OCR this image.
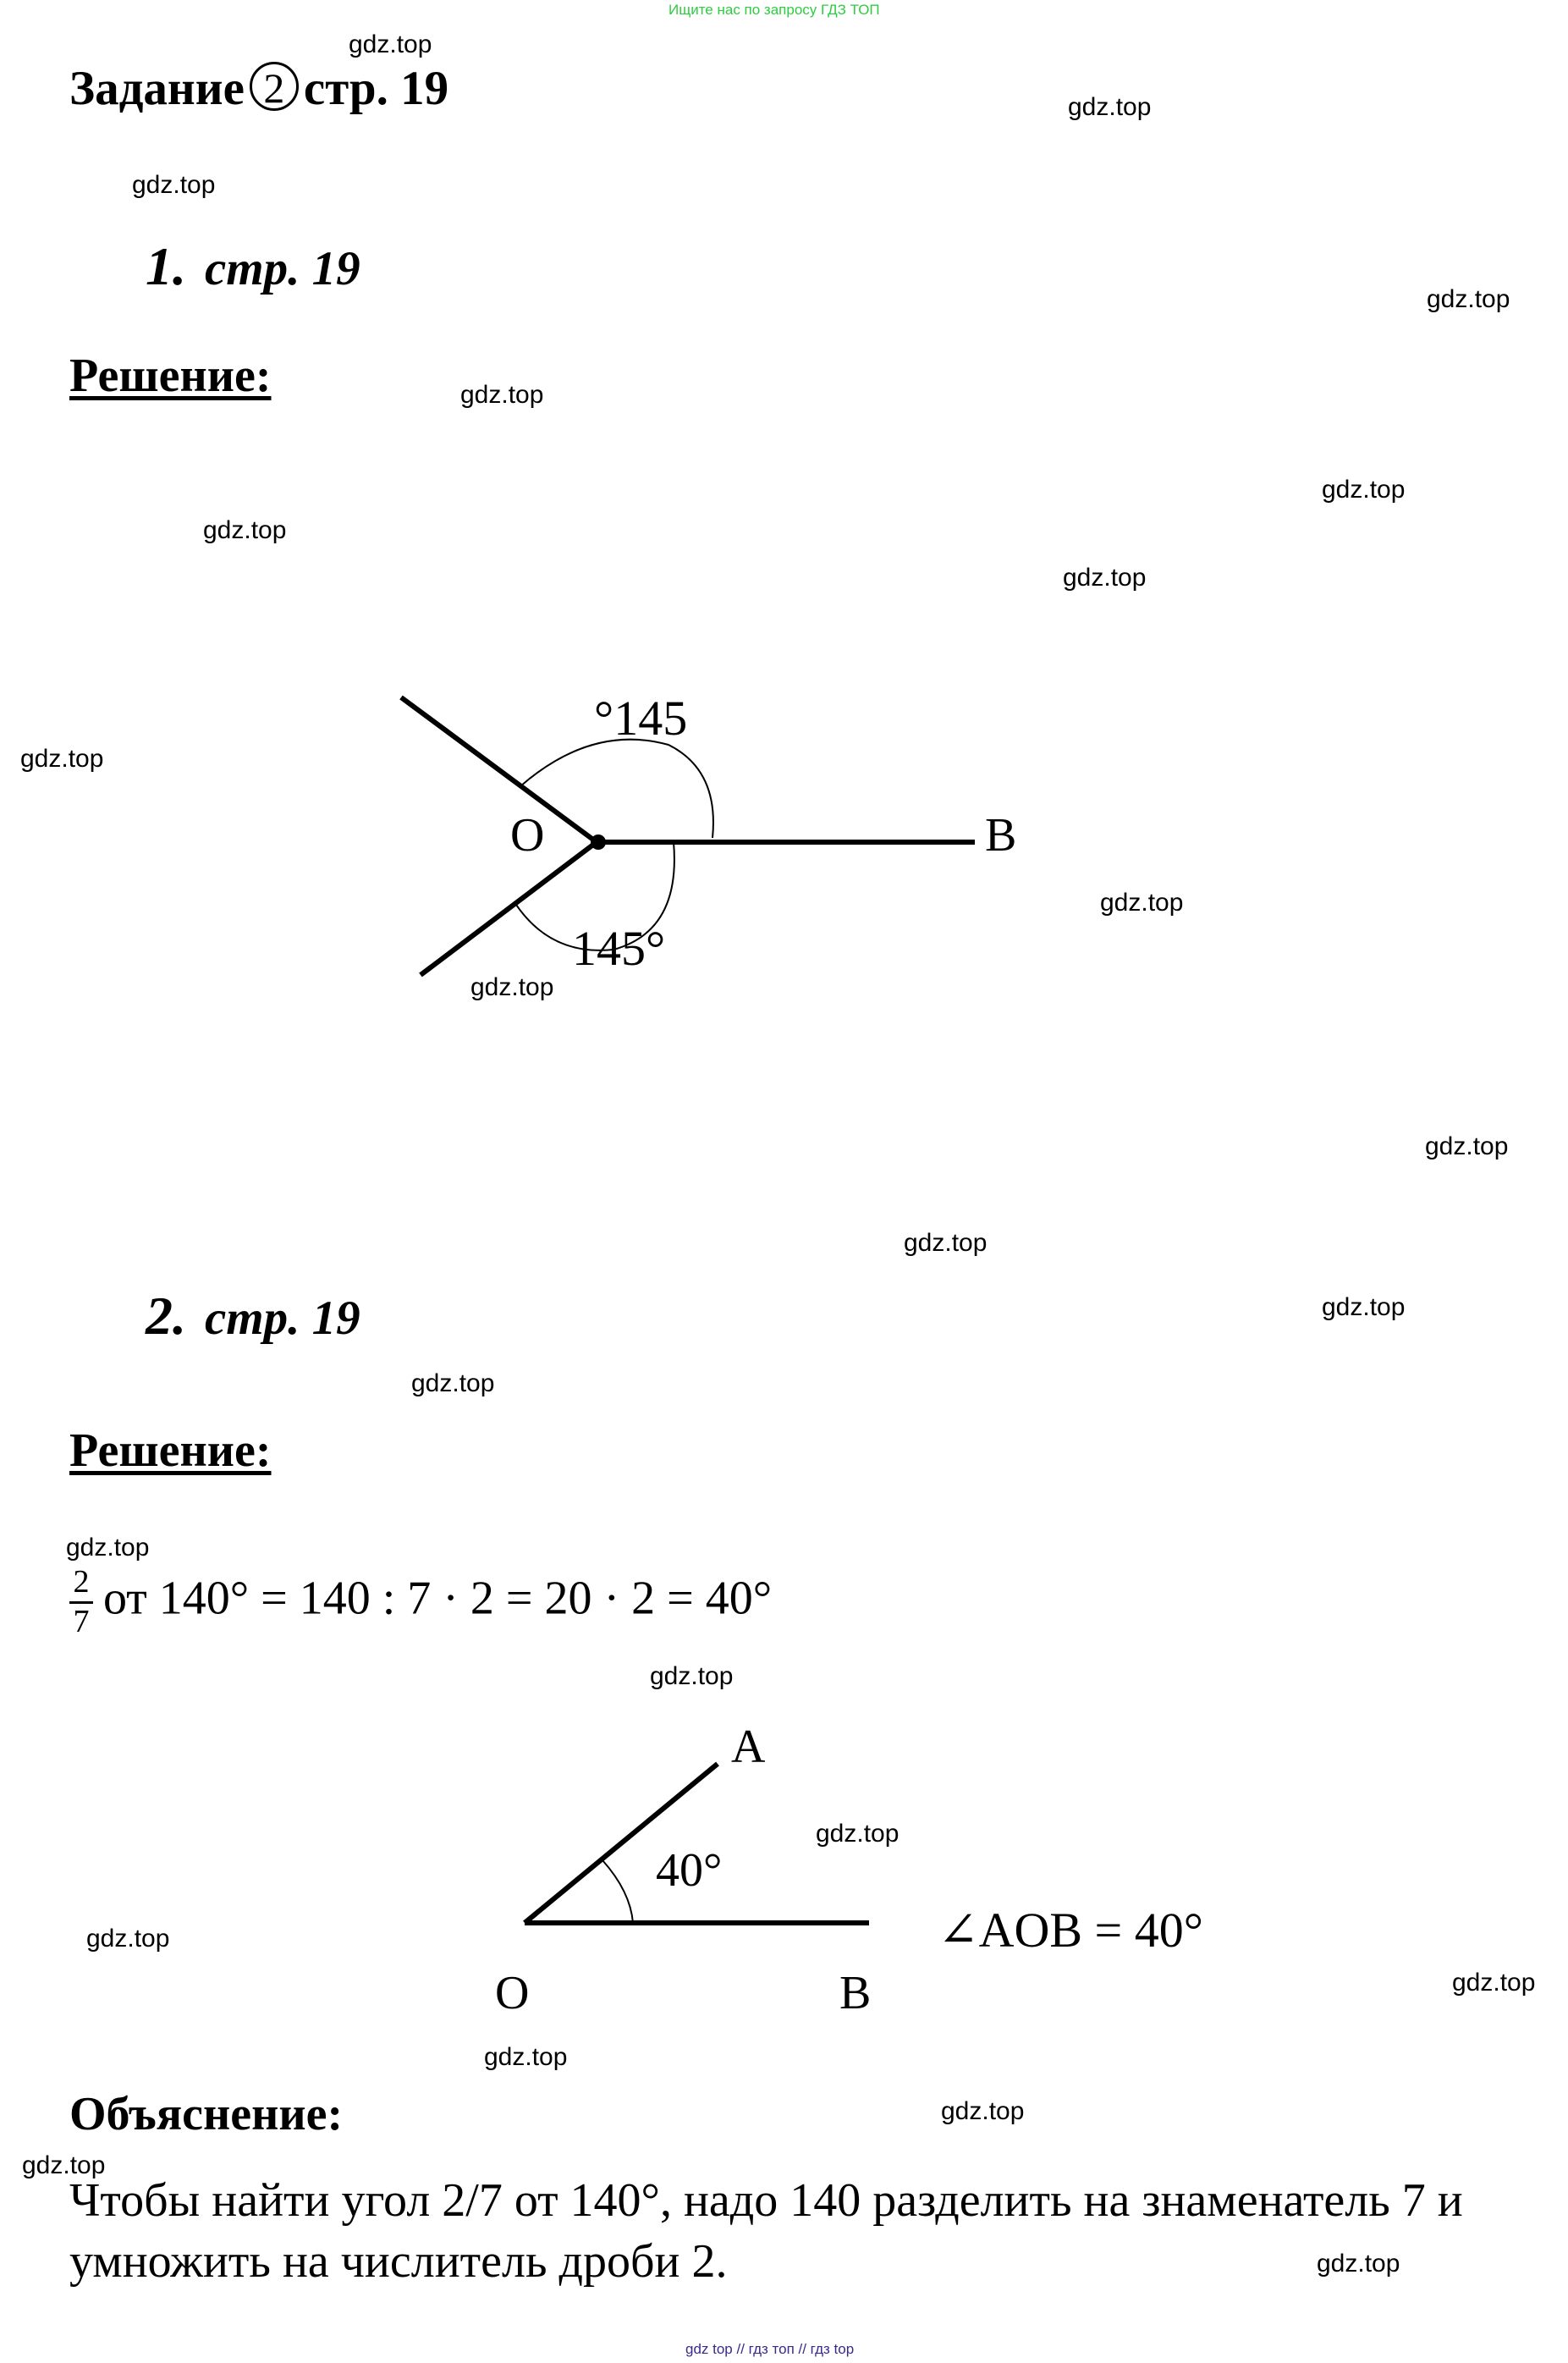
Ищите нас по запросу ГДЗ ТОП
Задание 2 стр. 19
1. стр. 19
Решение:
O	B
°145
145°
A
O	B
40°
∠AOB = 40°
2. стр. 19
Решение:
$\frac{2}{7}$ от 140° = 140 : 7 · 2 = 20 · 2 = 40°
Объяснение:
Чтобы найти угол 2/7 от 140°, надо 140 разделить на знаменатель 7 и умножить на числитель дроби 2.
gdz.top
gdz.top
gdz.top
gdz.top
gdz.top
gdz.top
gdz.top
gdz.top
gdz.top
gdz.top
gdz.top
gdz.top
gdz.top
gdz.top
gdz.top
gdz.top
gdz.top
gdz.top
gdz.top
gdz.top
gdz.top
gdz.top
gdz.top
gdz.top
gdz top // гдз топ // гдз top
